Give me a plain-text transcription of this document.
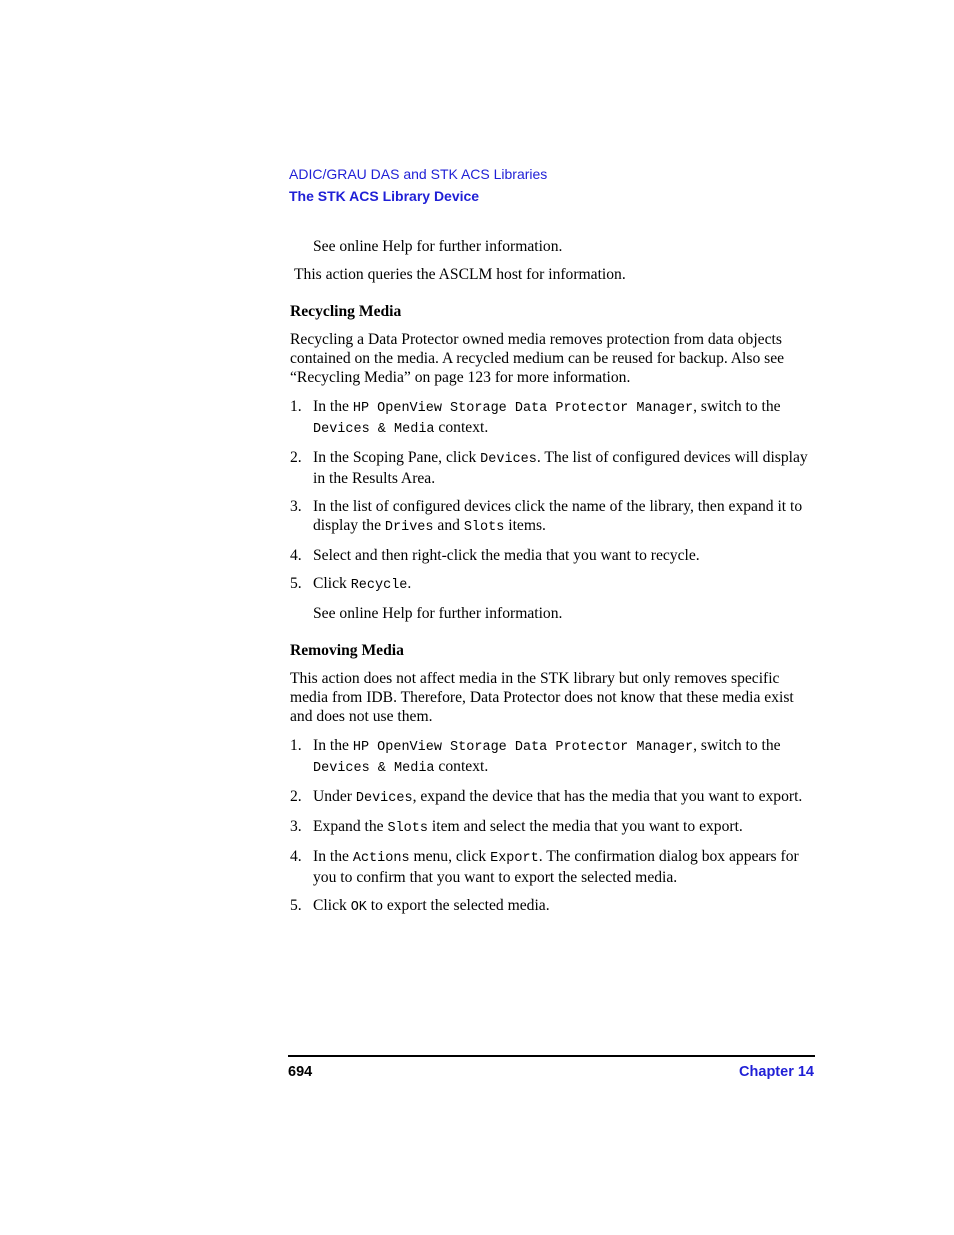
ADIC/GRAU DAS and STK ACS Libraries
The STK ACS Library Device

See online Help for further information.

This action queries the ASCLM host for information.

Recycling Media

Recycling a Data Protector owned media removes protection from data objects contained on the media. A recycled medium can be reused for backup. Also see “Recycling Media” on page 123 for more information.

1. In the HP OpenView Storage Data Protector Manager, switch to the Devices & Media context.
2. In the Scoping Pane, click Devices. The list of configured devices will display in the Results Area.
3. In the list of configured devices click the name of the library, then expand it to display the Drives and Slots items.
4. Select and then right-click the media that you want to recycle.
5. Click Recycle.

See online Help for further information.

Removing Media

This action does not affect media in the STK library but only removes specific media from IDB. Therefore, Data Protector does not know that these media exist and does not use them.

1. In the HP OpenView Storage Data Protector Manager, switch to the Devices & Media context.
2. Under Devices, expand the device that has the media that you want to export.
3. Expand the Slots item and select the media that you want to export.
4. In the Actions menu, click Export. The confirmation dialog box appears for you to confirm that you want to export the selected media.
5. Click OK to export the selected media.
694	Chapter 14
